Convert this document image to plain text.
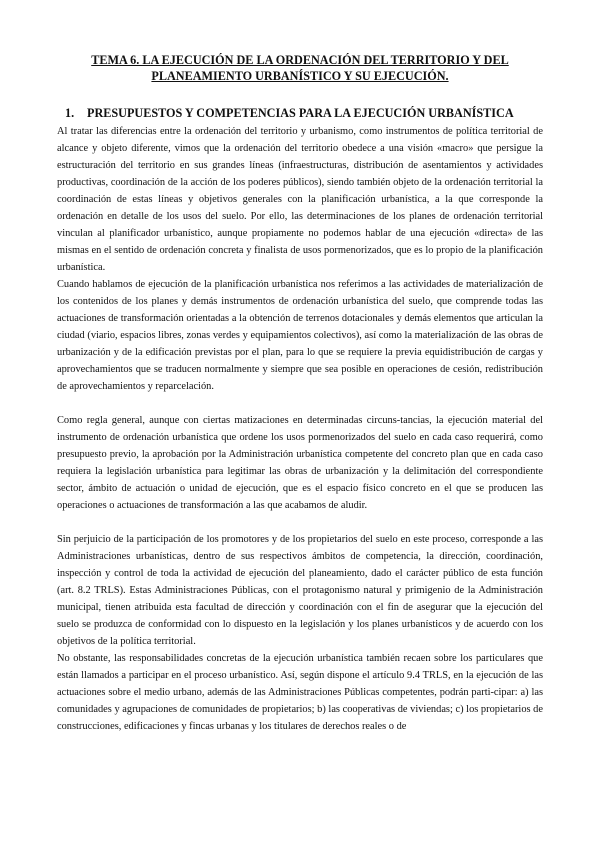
TEMA 6. LA EJECUCIÓN DE LA ORDENACIÓN DEL TERRITORIO Y DEL PLANEAMIENTO URBANÍSTICO Y SU EJECUCIÓN.
1. PRESUPUESTOS Y COMPETENCIAS PARA LA EJECUCIÓN URBANÍSTICA

Al tratar las diferencias entre la ordenación del territorio y urbanismo, como instrumentos de política territorial de alcance y objeto diferente, vimos que la ordenación del territorio obedece a una visión «macro» que persigue la estructuración del territorio en sus grandes líneas (infraestructuras, distribución de asentamientos y actividades productivas, coordinación de la acción de los poderes públicos), siendo también objeto de la ordenación territorial la coordinación de estas líneas y objetivos generales con la planificación urbanística, a la que corresponde la ordenación en detalle de los usos del suelo. Por ello, las determinaciones de los planes de ordenación territorial vinculan al planificador urbanístico, aunque propiamente no podemos hablar de una ejecución «directa» de las mismas en el sentido de ordenación concreta y finalista de usos pormenorizados, que es lo propio de la planificación urbanística.

Cuando hablamos de ejecución de la planificación urbanística nos referimos a las actividades de materialización de los contenidos de los planes y demás instrumentos de ordenación urbanística del suelo, que comprende todas las actuaciones de transformación orientadas a la obtención de terrenos dotacionales y demás elementos que articulan la ciudad (viario, espacios libres, zonas verdes y equipamientos colectivos), así como la materialización de las obras de urbanización y de la edificación previstas por el plan, para lo que se requiere la previa equidistribución de cargas y aprovechamientos que se traducen normalmente y siempre que sea posible en operaciones de cesión, redistribución de aprovechamientos y reparcelación.

Como regla general, aunque con ciertas matizaciones en determinadas circuns-tancias, la ejecución material del instrumento de ordenación urbanística que ordene los usos pormenorizados del suelo en cada caso requerirá, como presupuesto previo, la aprobación por la Administración urbanística competente del concreto plan que en cada caso requiera la legislación urbanística para legitimar las obras de urbanización y la delimitación del correspondiente sector, ámbito de actuación o unidad de ejecución, que es el espacio físico concreto en el que se producen las operaciones o actuaciones de transformación a las que acabamos de aludir.

Sin perjuicio de la participación de los promotores y de los propietarios del suelo en este proceso, corresponde a las Administraciones urbanísticas, dentro de sus respectivos ámbitos de competencia, la dirección, coordinación, inspección y control de toda la actividad de ejecución del planeamiento, dado el carácter público de esta función (art. 8.2 TRLS). Estas Administraciones Públicas, con el protagonismo natural y primigenio de la Administración municipal, tienen atribuida esta facultad de dirección y coordinación con el fin de asegurar que la ejecución del suelo se produzca de conformidad con lo dispuesto en la legislación y los planes urbanísticos y de acuerdo con los objetivos de la política territorial.

No obstante, las responsabilidades concretas de la ejecución urbanística también recaen sobre los particulares que están llamados a participar en el proceso urbanístico. Así, según dispone el artículo 9.4 TRLS, en la ejecución de las actuaciones sobre el medio urbano, además de las Administraciones Públicas competentes, podrán parti-cipar: a) las comunidades y agrupaciones de comunidades de propietarios; b) las cooperativas de viviendas; c) los propietarios de construcciones, edificaciones y fincas urbanas y los titulares de derechos reales o de
